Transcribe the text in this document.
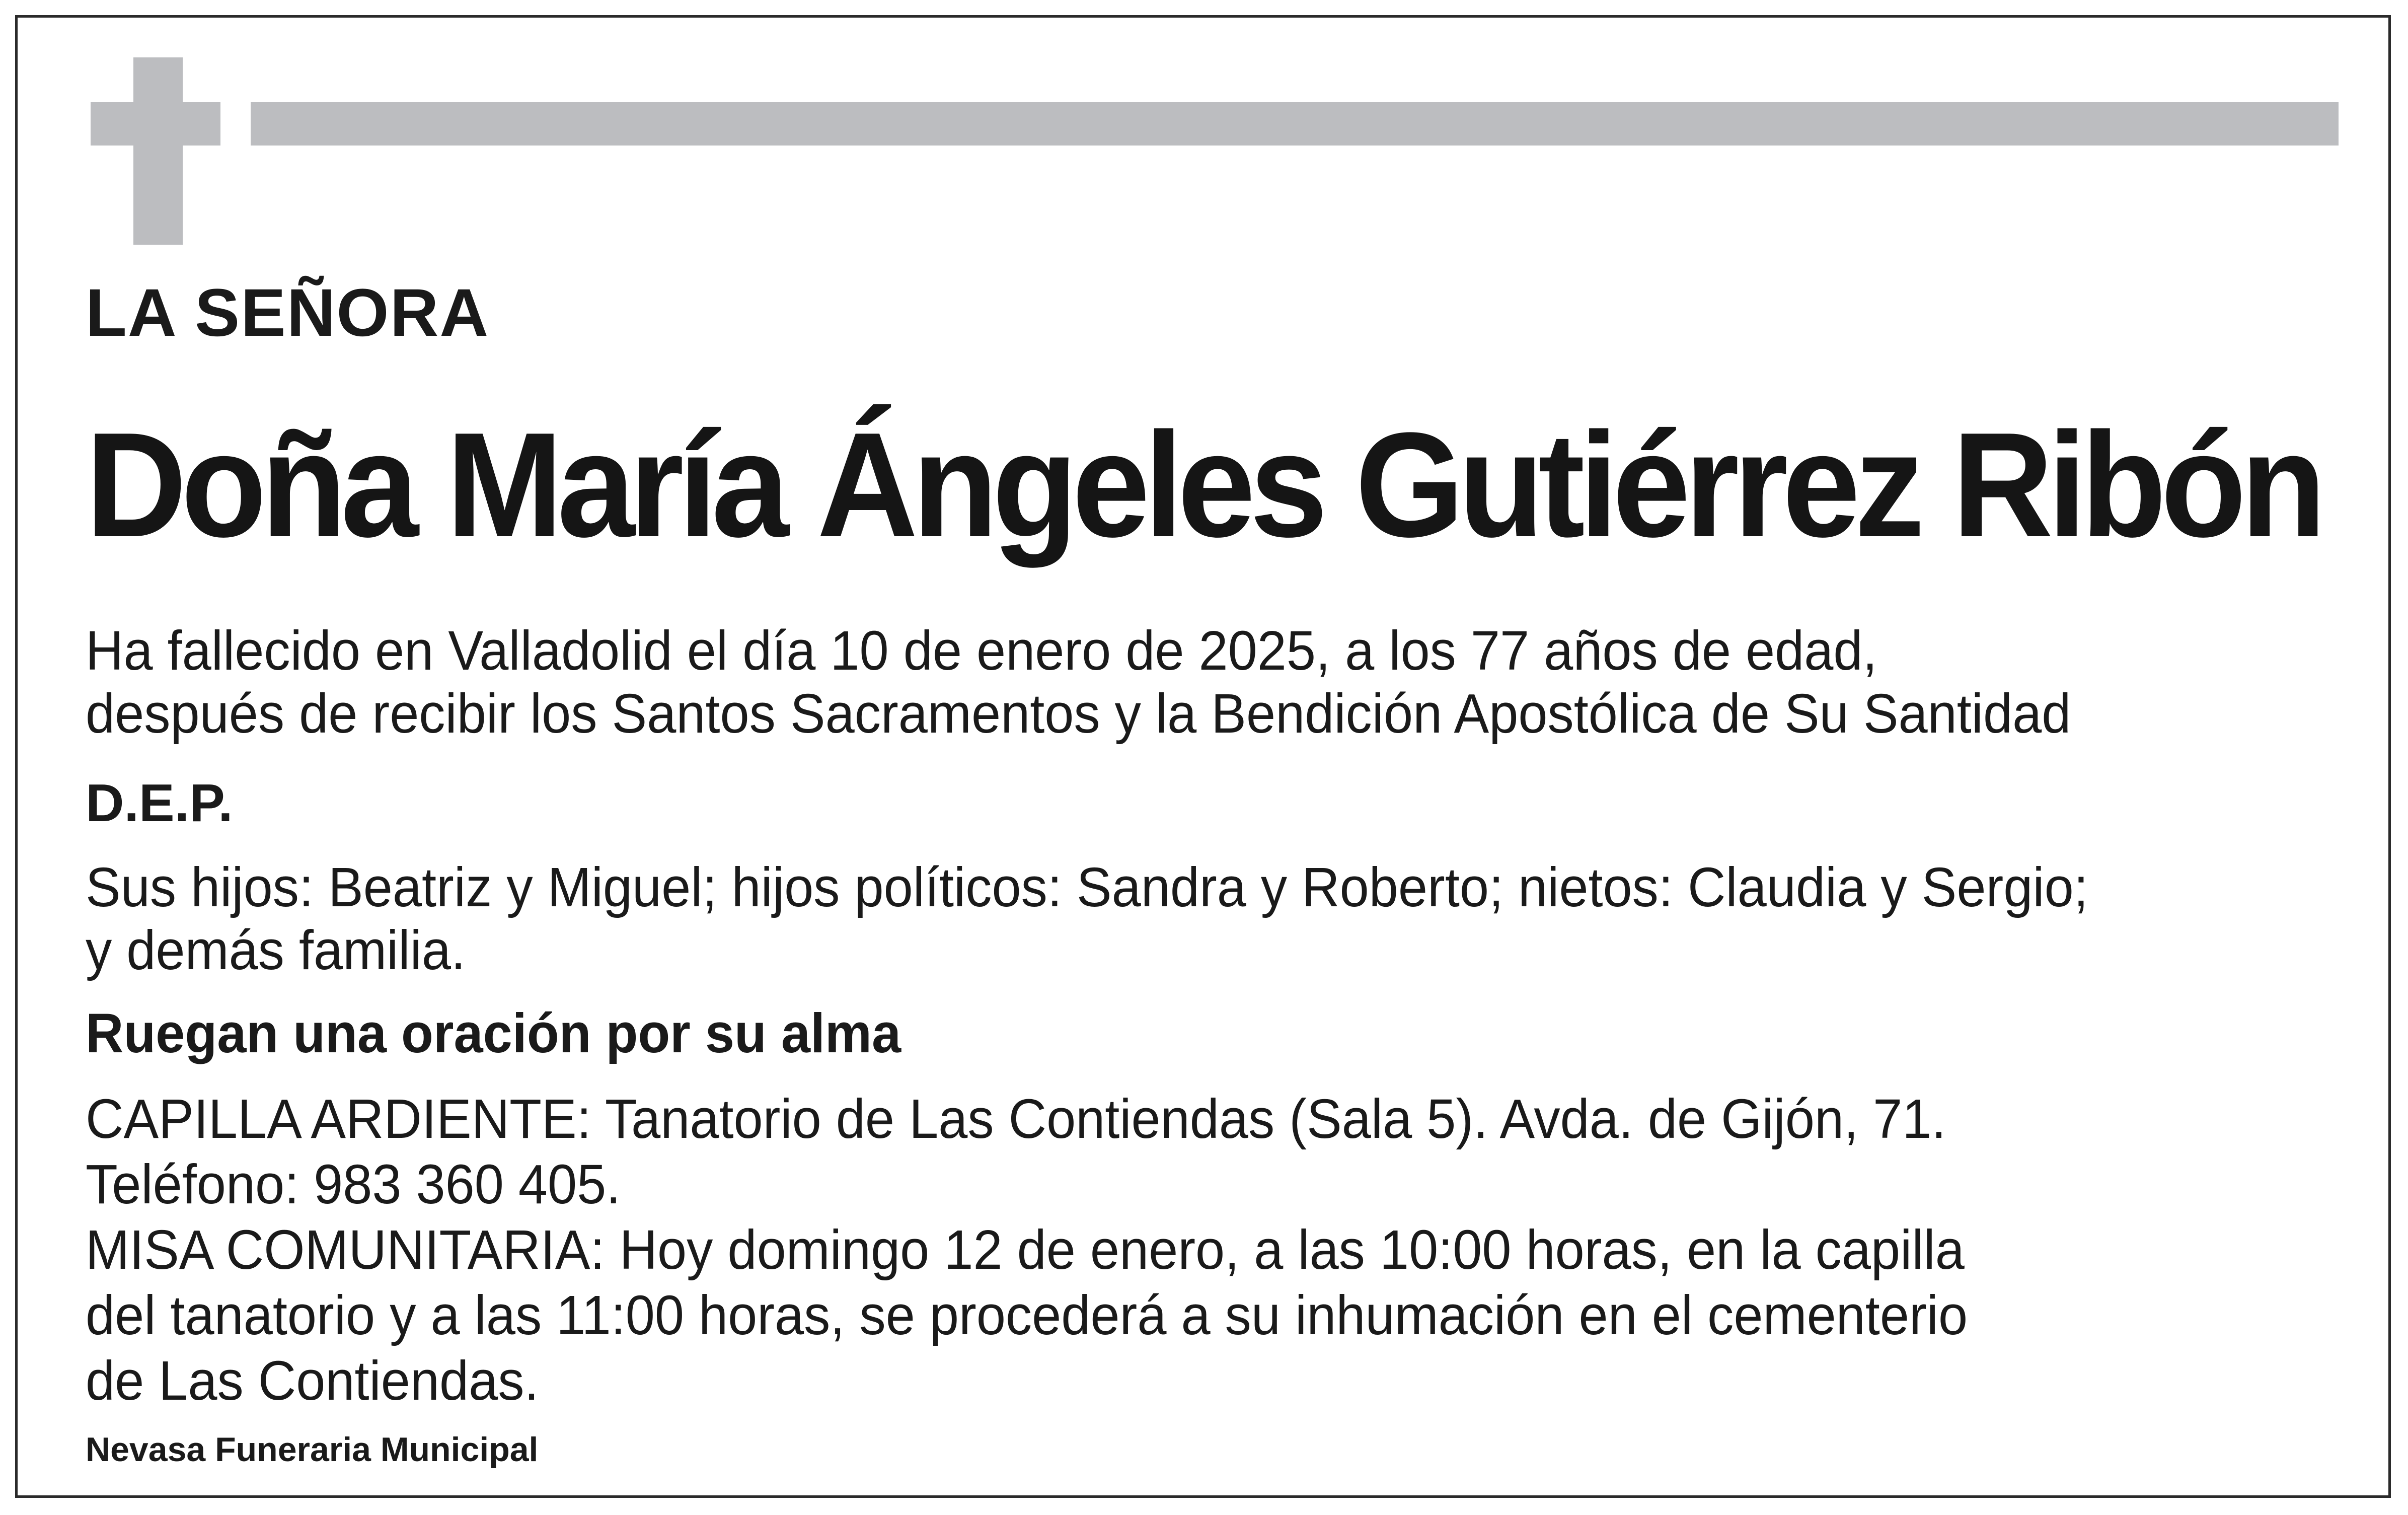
LA SEÑORA

Doña María Ángeles Gutiérrez Ribón

Ha fallecido en Valladolid el día 10 de enero de 2025, a los 77 años de edad,

después de recibir los Santos Sacramentos y la Bendición Apostólica de Su Santidad

D.E.P.

Sus hijos: Beatriz y Miguel; hijos políticos: Sandra y Roberto; nietos: Claudia y Sergio;

y demás familia.

Ruegan una oración por su alma

CAPILLA ARDIENTE: Tanatorio de Las Contiendas (Sala 5). Avda. de Gijón, 71.

Teléfono: 983 360 405.

MISA COMUNITARIA: Hoy domingo 12 de enero, a las 10:00 horas, en la capilla

del tanatorio y a las 11:00 horas, se procederá a su inhumación en el cementerio

de Las Contiendas.

Nevasa Funeraria Municipal
